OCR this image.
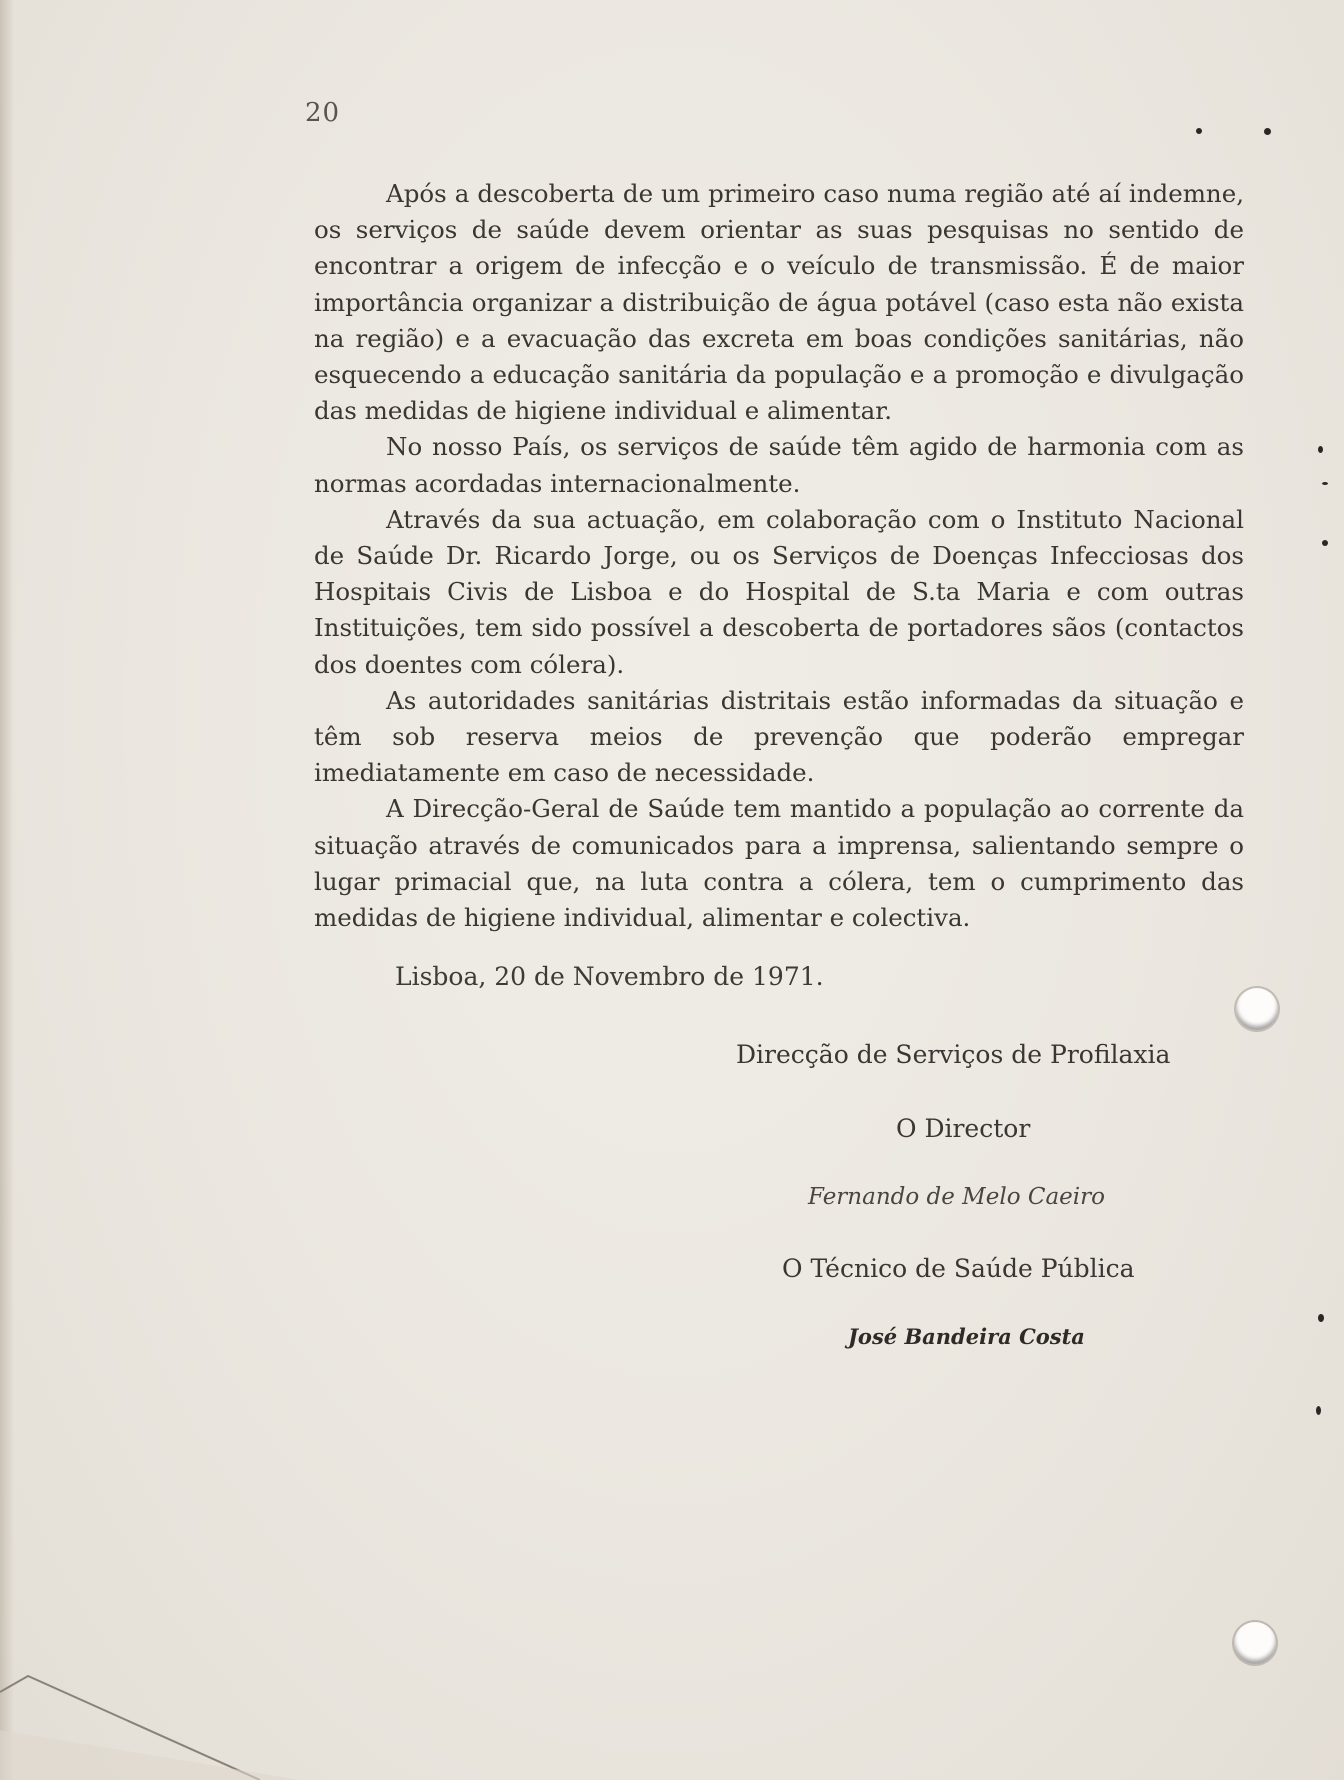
20

Após a descoberta de um primeiro caso numa região até aí indemne, os serviços de saúde devem orientar as suas pesquisas no sentido de encontrar a origem de infecção e o veículo de transmissão. É de maior importância organizar a distribuição de água potável (caso esta não exista na região) e a evacuação das excreta em boas condições sanitárias, não esquecendo a educação sanitária da população e a promoção e divulgação das medidas de higiene individual e alimentar.

No nosso País, os serviços de saúde têm agido de harmonia com as normas acordadas internacionalmente.

Através da sua actuação, em colaboração com o Instituto Nacional de Saúde Dr. Ricardo Jorge, ou os Serviços de Doenças Infecciosas dos Hospitais Civis de Lisboa e do Hospital de S.ta Maria e com outras Instituições, tem sido possível a descoberta de portadores sãos (contactos dos doentes com cólera).

As autoridades sanitárias distritais estão informadas da situação e têm sob reserva meios de prevenção que poderão empregar imediatamente em caso de necessidade.

A Direcção-Geral de Saúde tem mantido a população ao corrente da situação através de comunicados para a imprensa, salientando sempre o lugar primacial que, na luta contra a cólera, tem o cumprimento das medidas de higiene individual, alimentar e colectiva.

Lisboa, 20 de Novembro de 1971.
Direcção de Serviços de Profilaxia
O Director
Fernando de Melo Caeiro
O Técnico de Saúde Pública
José Bandeira Costa
